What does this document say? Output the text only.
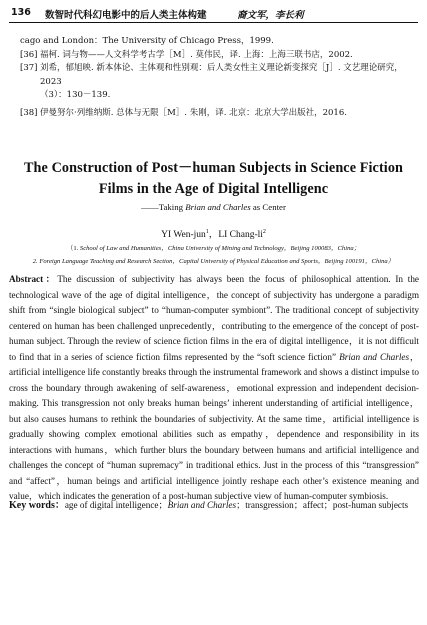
136 数智时代科幻电影中的后人类主体构建	裔文军，李长利
cago and London：The University of Chicago Press，1999.
[36] 福柯. 词与物——人文科学考古学［M］. 莫伟民，译. 上海：上海三联书店，2002.
[37] 刘希，郁旭映. 新本体论、主体观和性别观：后人类女性主义理论新变探究［J］. 文艺理论研究，2023
（3）：130－139.
[38] 伊曼努尔·列维纳斯. 总体与无限［M］. 朱刚，译. 北京：北京大学出版社，2016.
The Construction of Post－human Subjects in Science Fiction
Films in the Age of Digital Intelligenc
——Taking Brian and Charles as Center
YI Wen-jun$^1$，LI Chang-$li^2$
（1. School of Law and Humanities，China University of Mining and Technology，Beijing 100083，China；
2. Foreign Language Teaching and Research Section，Capital University of Physical Education and Sports，Beijing 100191，China）
Abstract：The discussion of subjectivity has always been the focus of philosophical attention. In the technological wave of the age of digital intelligence，the concept of subjectivity has undergone a paradigm shift from “single biological subject” to “human-computer symbiont”. The traditional concept of subjectivity centered on human has been challenged unprecedently，contributing to the emergence of the concept of post-human subject. Through the review of science fiction films in the era of digital intelligence，it is not difficult to find that in a series of science fiction films represented by the “soft science fiction” Brian and Charles，artificial intelligence life constantly breaks through the instrumental framework and shows a distinct impulse to cross the boundary through awakening of self-awareness，emotional expression and independent decision-making. This transgression not only breaks human beings’ inherent understanding of artificial intelligence，but also causes humans to rethink the boundaries of subjectivity. At the same time，artificial intelligence is gradually showing complex emotional abilities such as empathy，dependence and responsibility in its interactions with humans，which further blurs the boundary between humans and artificial intelligence and challenges the concept of “human supremacy” in traditional ethics. Just in the process of this “transgression” and “affect”，human beings and artificial intelligence jointly reshape each other’s existence meaning and value，which indicates the generation of a post-human subjective view of human-computer symbiosis.
Key words：age of digital intelligence；Brian and Charles；transgression；affect；post-human subjects
